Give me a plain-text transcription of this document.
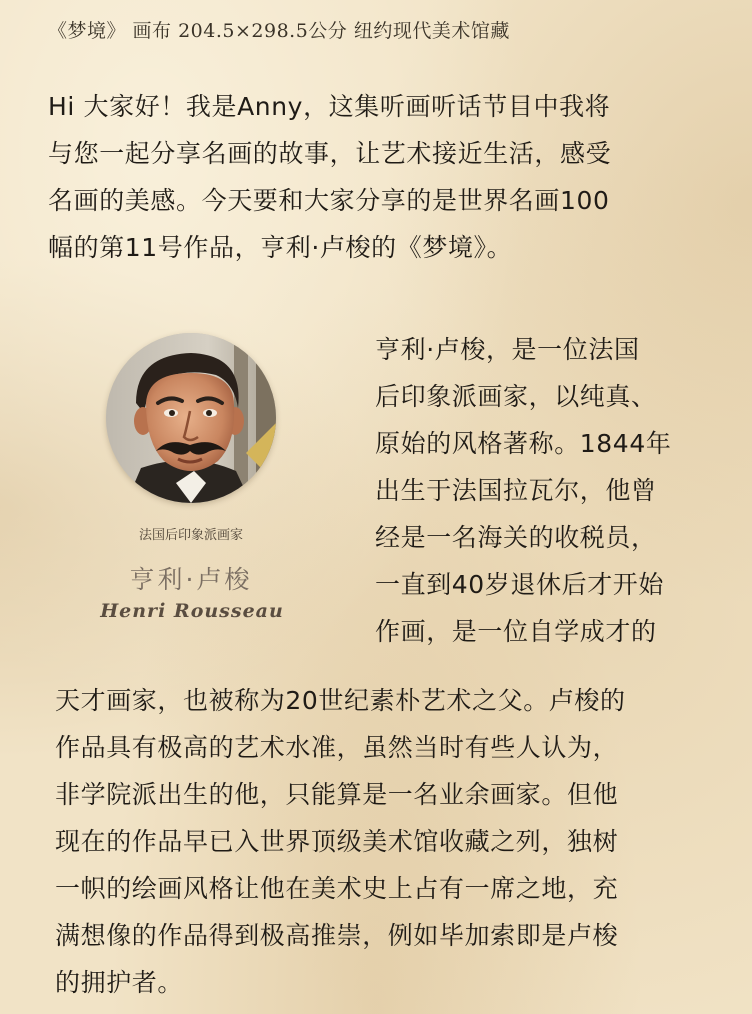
《梦境》 画布 204.5×298.5公分 纽约现代美术馆藏
Hi 大家好！我是Anny，这集听画听话节目中我将
与您一起分享名画的故事，让艺术接近生活，感受
名画的美感。今天要和大家分享的是世界名画100
幅的第11号作品，亨利·卢梭的《梦境》。
法国后印象派画家
亨利·卢梭
Henri Rousseau
亨利·卢梭，是一位法国
后印象派画家，以纯真、
原始的风格著称。1844年
出生于法国拉瓦尔，他曾
经是一名海关的收税员，
一直到40岁退休后才开始
作画，是一位自学成才的
天才画家，也被称为20世纪素朴艺术之父。卢梭的
作品具有极高的艺术水准，虽然当时有些人认为，
非学院派出生的他，只能算是一名业余画家。但他
现在的作品早已入世界顶级美术馆收藏之列，独树
一帜的绘画风格让他在美术史上占有一席之地，充
满想像的作品得到极高推崇，例如毕加索即是卢梭
的拥护者。
